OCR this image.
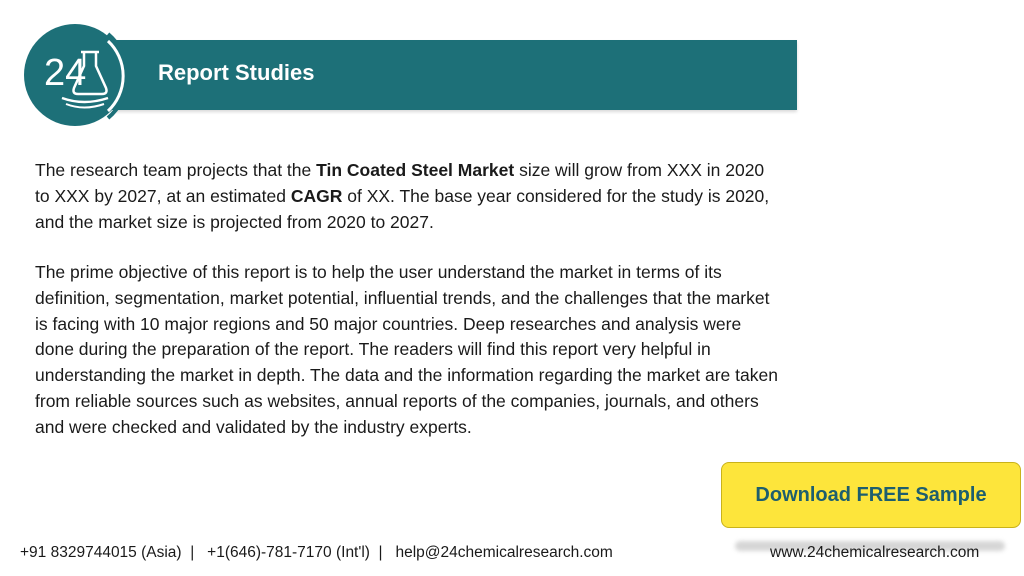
Report Studies
24
The research team projects that the Tin Coated Steel Market size will grow from XXX in 2020 to XXX by 2027, at an estimated CAGR of XX. The base year considered for the study is 2020, and the market size is projected from 2020 to 2027.
The prime objective of this report is to help the user understand the market in terms of its definition, segmentation, market potential, influential trends, and the challenges that the market is facing with 10 major regions and 50 major countries. Deep researches and analysis were done during the preparation of the report. The readers will find this report very helpful in understanding the market in depth. The data and the information regarding the market are taken from reliable sources such as websites, annual reports of the companies, journals, and others and were checked and validated by the industry experts.
Download FREE Sample
+91 8329744015 (Asia)  |   +1(646)-781-7170 (Int'l)  |   help@24chemicalresearch.com	www.24chemicalresearch.com
